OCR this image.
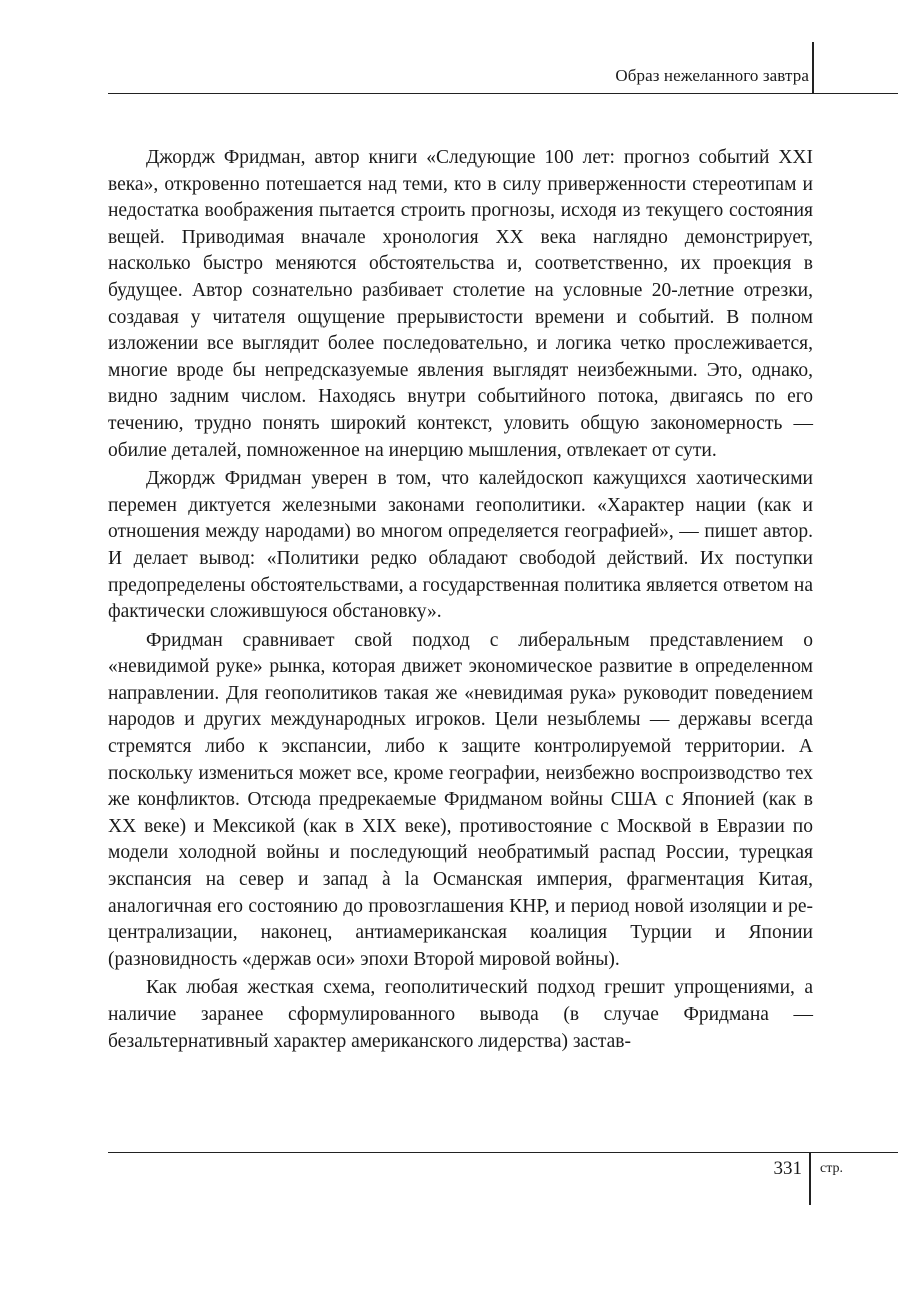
Образ нежеланного завтра

Джордж Фридман, автор книги «Следующие 100 лет: прогноз событий XXI века», откровенно потешается над теми, кто в силу приверженности стереотипам и недостатка воображения пытается строить прогнозы, исходя из текущего состояния вещей. Приводимая вначале хронология XX века наглядно демонстрирует, насколько быстро меняются обстоятельства и, соответственно, их проекция в будущее. Автор сознательно разбивает столетие на условные 20-летние отрезки, создавая у читателя ощущение прерывистости времени и событий. В полном изложении все выглядит более последовательно, и логика четко прослеживается, многие вроде бы непредсказуемые явления выглядят неизбежными. Это, однако, видно задним числом. Находясь внутри событийного потока, двигаясь по его течению, трудно понять широкий контекст, уловить общую закономерность — обилие деталей, помноженное на инерцию мышления, отвлекает от сути.

Джордж Фридман уверен в том, что калейдоскоп кажущихся хаотическими перемен диктуется железными законами геополитики. «Характер нации (как и отношения между народами) во многом определяется географией», — пишет автор. И делает вывод: «Политики редко обладают свободой действий. Их поступки предопределены обстоятельствами, а государственная политика является ответом на фактически сложившуюся обстановку».

Фридман сравнивает свой подход с либеральным представлением о «невидимой руке» рынка, которая движет экономическое развитие в определенном направлении. Для геополитиков такая же «невидимая рука» руководит поведением народов и других международных игроков. Цели незыблемы — державы всегда стремятся либо к экспансии, либо к защите контролируемой территории. А поскольку измениться может все, кроме географии, неизбежно воспроизводство тех же конфликтов. Отсюда предрекаемые Фридманом войны США с Японией (как в XX веке) и Мексикой (как в XIX веке), противостояние с Москвой в Евразии по модели холодной войны и последующий необратимый распад России, турецкая экспансия на север и запад à la Османская империя, фрагментация Китая, аналогичная его состоянию до провозглашения КНР, и период новой изоляции и ре-централизации, наконец, антиамериканская коалиция Турции и Японии (разновидность «держав оси» эпохи Второй мировой войны).

Как любая жесткая схема, геополитический подход грешит упрощениями, а наличие заранее сформулированного вывода (в случае Фридмана — безальтернативный характер американского лидерства) застав-

331 стр.
